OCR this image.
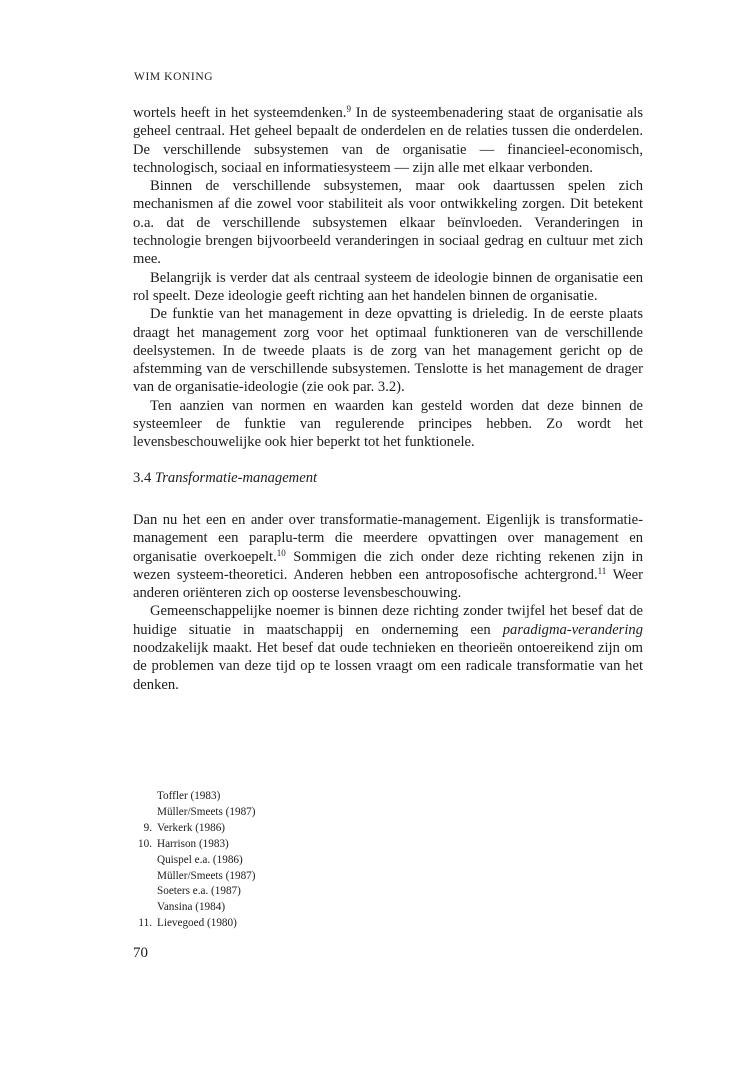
WIM KONING

wortels heeft in het systeemdenken.$^9$ In de systeembenadering staat de organisatie als geheel centraal. Het geheel bepaalt de onderdelen en de relaties tussen die onderdelen. De verschillende subsystemen van de organisatie — financieel-economisch, technologisch, sociaal en informatiesysteem — zijn alle met elkaar verbonden.

Binnen de verschillende subsystemen, maar ook daartussen spelen zich mechanismen af die zowel voor stabiliteit als voor ontwikkeling zorgen. Dit betekent o.a. dat de verschillende subsystemen elkaar beïnvloeden. Veranderingen in technologie brengen bijvoorbeeld veranderingen in sociaal gedrag en cultuur met zich mee.

Belangrijk is verder dat als centraal systeem de ideologie binnen de organisatie een rol speelt. Deze ideologie geeft richting aan het handelen binnen de organisatie.

De funktie van het management in deze opvatting is drieledig. In de eerste plaats draagt het management zorg voor het optimaal funktioneren van de verschillende deelsystemen. In de tweede plaats is de zorg van het management gericht op de afstemming van de verschillende subsystemen. Tenslotte is het management de drager van de organisatie-ideologie (zie ook par. 3.2).

Ten aanzien van normen en waarden kan gesteld worden dat deze binnen de systeemleer de funktie van regulerende principes hebben. Zo wordt het levensbeschouwelijke ook hier beperkt tot het funktionele.

3.4 Transformatie-management

Dan nu het een en ander over transformatie-management. Eigenlijk is transformatie-management een paraplu-term die meerdere opvattingen over management en organisatie overkoepelt.$^{10}$ Sommigen die zich onder deze richting rekenen zijn in wezen systeem-theoretici. Anderen hebben een antroposofische achtergrond.$^{11}$ Weer anderen oriënteren zich op oosterse levensbeschouwing.

Gemeenschappelijke noemer is binnen deze richting zonder twijfel het besef dat de huidige situatie in maatschappij en onderneming een paradigma-verandering noodzakelijk maakt. Het besef dat oude technieken en theorieën ontoereikend zijn om de problemen van deze tijd op te lossen vraagt om een radicale transformatie van het denken.

Toffler (1983)
Müller/Smeets (1987)
9. Verkerk (1986)
10. Harrison (1983)
Quispel e.a. (1986)
Müller/Smeets (1987)
Soeters e.a. (1987)
Vansina (1984)
11. Lievegoed (1980)
70
